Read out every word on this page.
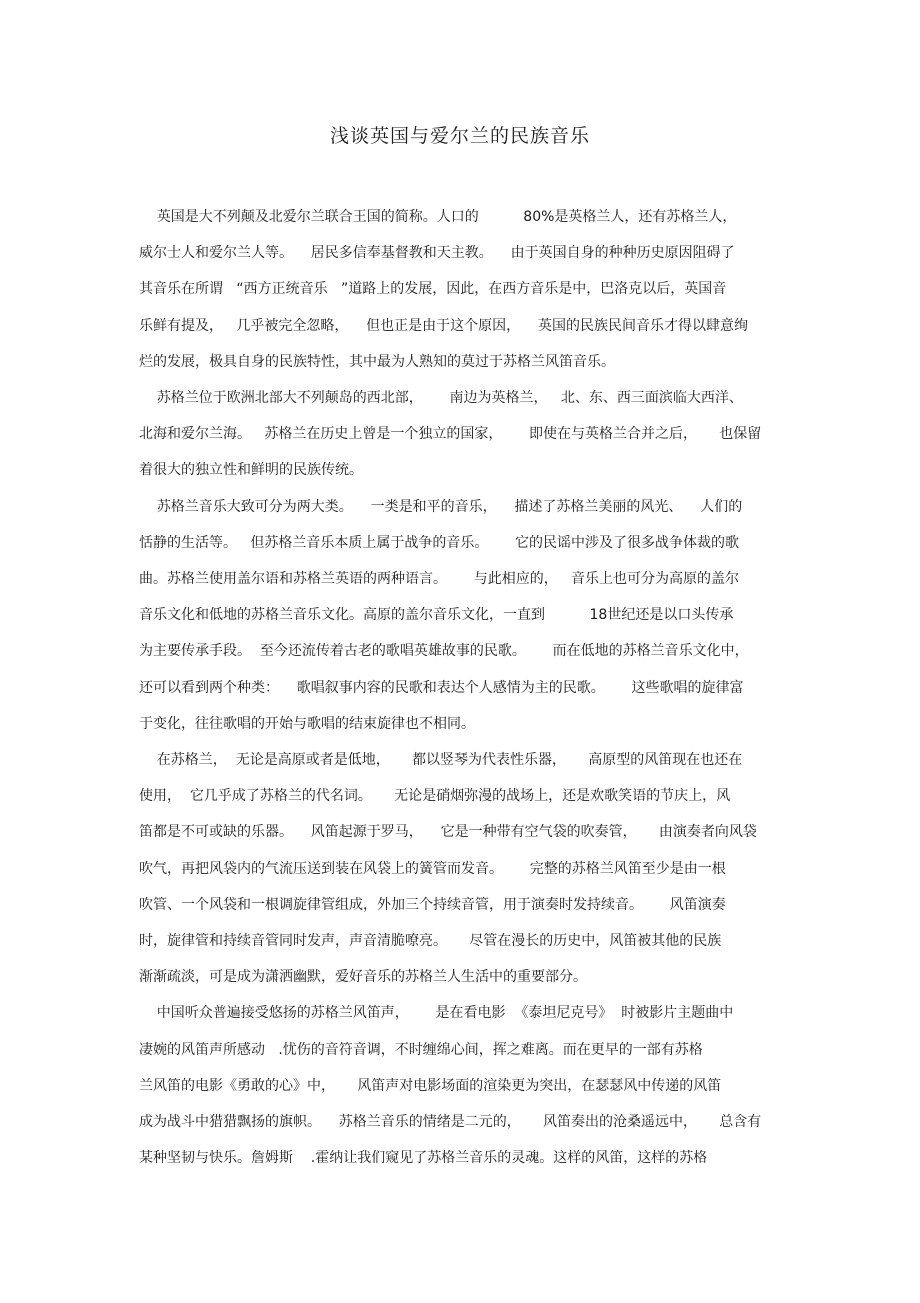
浅谈英国与爱尔兰的民族音乐
英国是大不列颠及北爱尔兰联合王国的简称。人口的          80%是英格兰人，还有苏格兰人，
威尔士人和爱尔兰人等。    居民多信奉基督教和天主教。    由于英国自身的种种历史原因阻碍了
其音乐在所谓   “西方正统音乐   ”道路上的发展，因此，在西方音乐是中，巴洛克以后，英国音
乐鲜有提及，   几乎被完全忽略，    但也正是由于这个原因，    英国的民族民间音乐才得以肆意绚
烂的发展，极具自身的民族特性，其中最为人熟知的莫过于苏格兰风笛音乐。
苏格兰位于欧洲北部大不列颠岛的西北部，      南边为英格兰，   北、东、西三面滨临大西洋、
北海和爱尔兰海。   苏格兰在历史上曾是一个独立的国家，      即使在与英格兰合并之后，     也保留
着很大的独立性和鲜明的民族传统。
苏格兰音乐大致可分为两大类。    一类是和平的音乐，    描述了苏格兰美丽的风光、    人们的
恬静的生活等。   但苏格兰音乐本质上属于战争的音乐。      它的民谣中涉及了很多战争体裁的歌
曲。苏格兰使用盖尔语和苏格兰英语的两种语言。      与此相应的，   音乐上也可分为高原的盖尔
音乐文化和低地的苏格兰音乐文化。高原的盖尔音乐文化，一直到          18世纪还是以口头传承
为主要传承手段。  至今还流传着古老的歌唱英雄故事的民歌。      而在低地的苏格兰音乐文化中，
还可以看到两个种类：    歌唱叙事内容的民歌和表达个人感情为主的民歌。      这些歌唱的旋律富
于变化，往往歌唱的开始与歌唱的结束旋律也不相同。
在苏格兰，  无论是高原或者是低地，     都以竖琴为代表性乐器，     高原型的风笛现在也还在
使用，  它几乎成了苏格兰的代名词。     无论是硝烟弥漫的战场上，还是欢歌笑语的节庆上，风
笛都是不可或缺的乐器。    风笛起源于罗马，    它是一种带有空气袋的吹奏管，     由演奏者向风袋
吹气，再把风袋内的气流压送到装在风袋上的簧管而发音。      完整的苏格兰风笛至少是由一根
吹管、一个风袋和一根调旋律管组成，外加三个持续音管，用于演奏时发持续音。      风笛演奏
时，旋律管和持续音管同时发声，声音清脆嘹亮。     尽管在漫长的历史中，风笛被其他的民族
渐渐疏淡，可是成为潇洒幽默，爱好音乐的苏格兰人生活中的重要部分。
中国听众普遍接受悠扬的苏格兰风笛声，      是在看电影  《泰坦尼克号》  时被影片主题曲中
凄婉的风笛声所感动   .忧伤的音符音调，不时缠绵心间，挥之难离。而在更早的一部有苏格
兰风笛的电影《勇敢的心》中，     风笛声对电影场面的渲染更为突出，在瑟瑟风中传递的风笛
成为战斗中猎猎飘扬的旗帜。    苏格兰音乐的情绪是二元的，     风笛奏出的沧桑遥远中，     总含有
某种坚韧与快乐。詹姆斯    .霍纳让我们窥见了苏格兰音乐的灵魂。这样的风笛，这样的苏格
